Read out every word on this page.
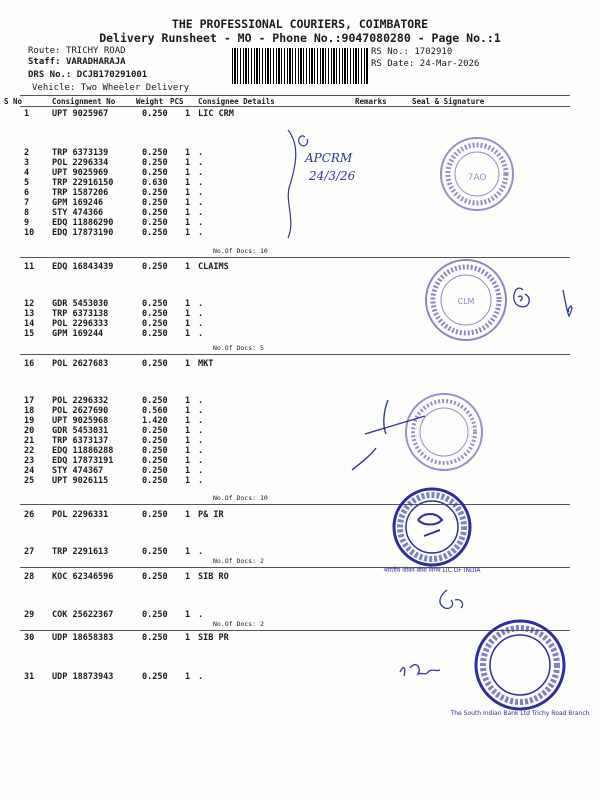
THE PROFESSIONAL COURIERS, COIMBATORE
Delivery Runsheet - MO - Phone No.:9047080280 - Page No.:1
Route: TRICHY ROAD
Staff: VARADHARAJA
DRS No.: DCJB170291001
Vehicle: Two Wheeler Delivery
RS No.: 1702910
RS Date: 24-Mar-2026
S No	Consignment No	Weight PCS Consignee Details	Remarks	Seal & Signature
1	UPT 9025967	0.250 1 LIC CRM
2	TRP 6373139	0.250 1 .
3	POL 2296334	0.250 1 .
4	UPT 9025969	0.250 1 .
5	TRP 22916150	0.630 1 .
6	TRP 1587206	0.250 1 .
7	GPM 169246	0.250 1 .
8	STY 474366	0.250 1 .
9	EDQ 11886290	0.250 1 .
10 EDQ 17873190	0.250 1 .
11 EDQ 16843439	0.250 1 CLAIMS
12 GDR 5453030	0.250 1 .
13 TRP 6373138	0.250 1 .
14 POL 2296333	0.250 1 .
15 GPM 169244	0.250 1 .
16 POL 2627683	0.250 1 MKT
17 POL 2296332	0.250 1 .
18 POL 2627690	0.560 1 .
19 UPT 9025968	1.420 1 .
20 GDR 5453031	0.250 1 .
21 TRP 6373137	0.250 1 .
22 EDQ 11886288	0.250 1 .
23 EDQ 17873191	0.250 1 .
24 STY 474367	0.250 1 .
25 UPT 9026115	0.250 1 .
26 POL 2296331	0.250 1 P& IR
27 TRP 2291613	0.250 1 .
28 KOC 62346596	0.250 1 SIB RO
29 COK 25622367	0.250 1 .
30 UDP 18658383	0.250 1 SIB PR
31 UDP 18873943	0.250 1 .
No.Of Docs: 10
No.Of Docs: 5
No.Of Docs: 10
No.Of Docs: 2
No.Of Docs: 2
APCRM
24/3/26	7AO
CLM
भारतीय जीवन बीमा निगम LIC OF INDIA
The South Indian Bank Ltd Trichy Road Branch
